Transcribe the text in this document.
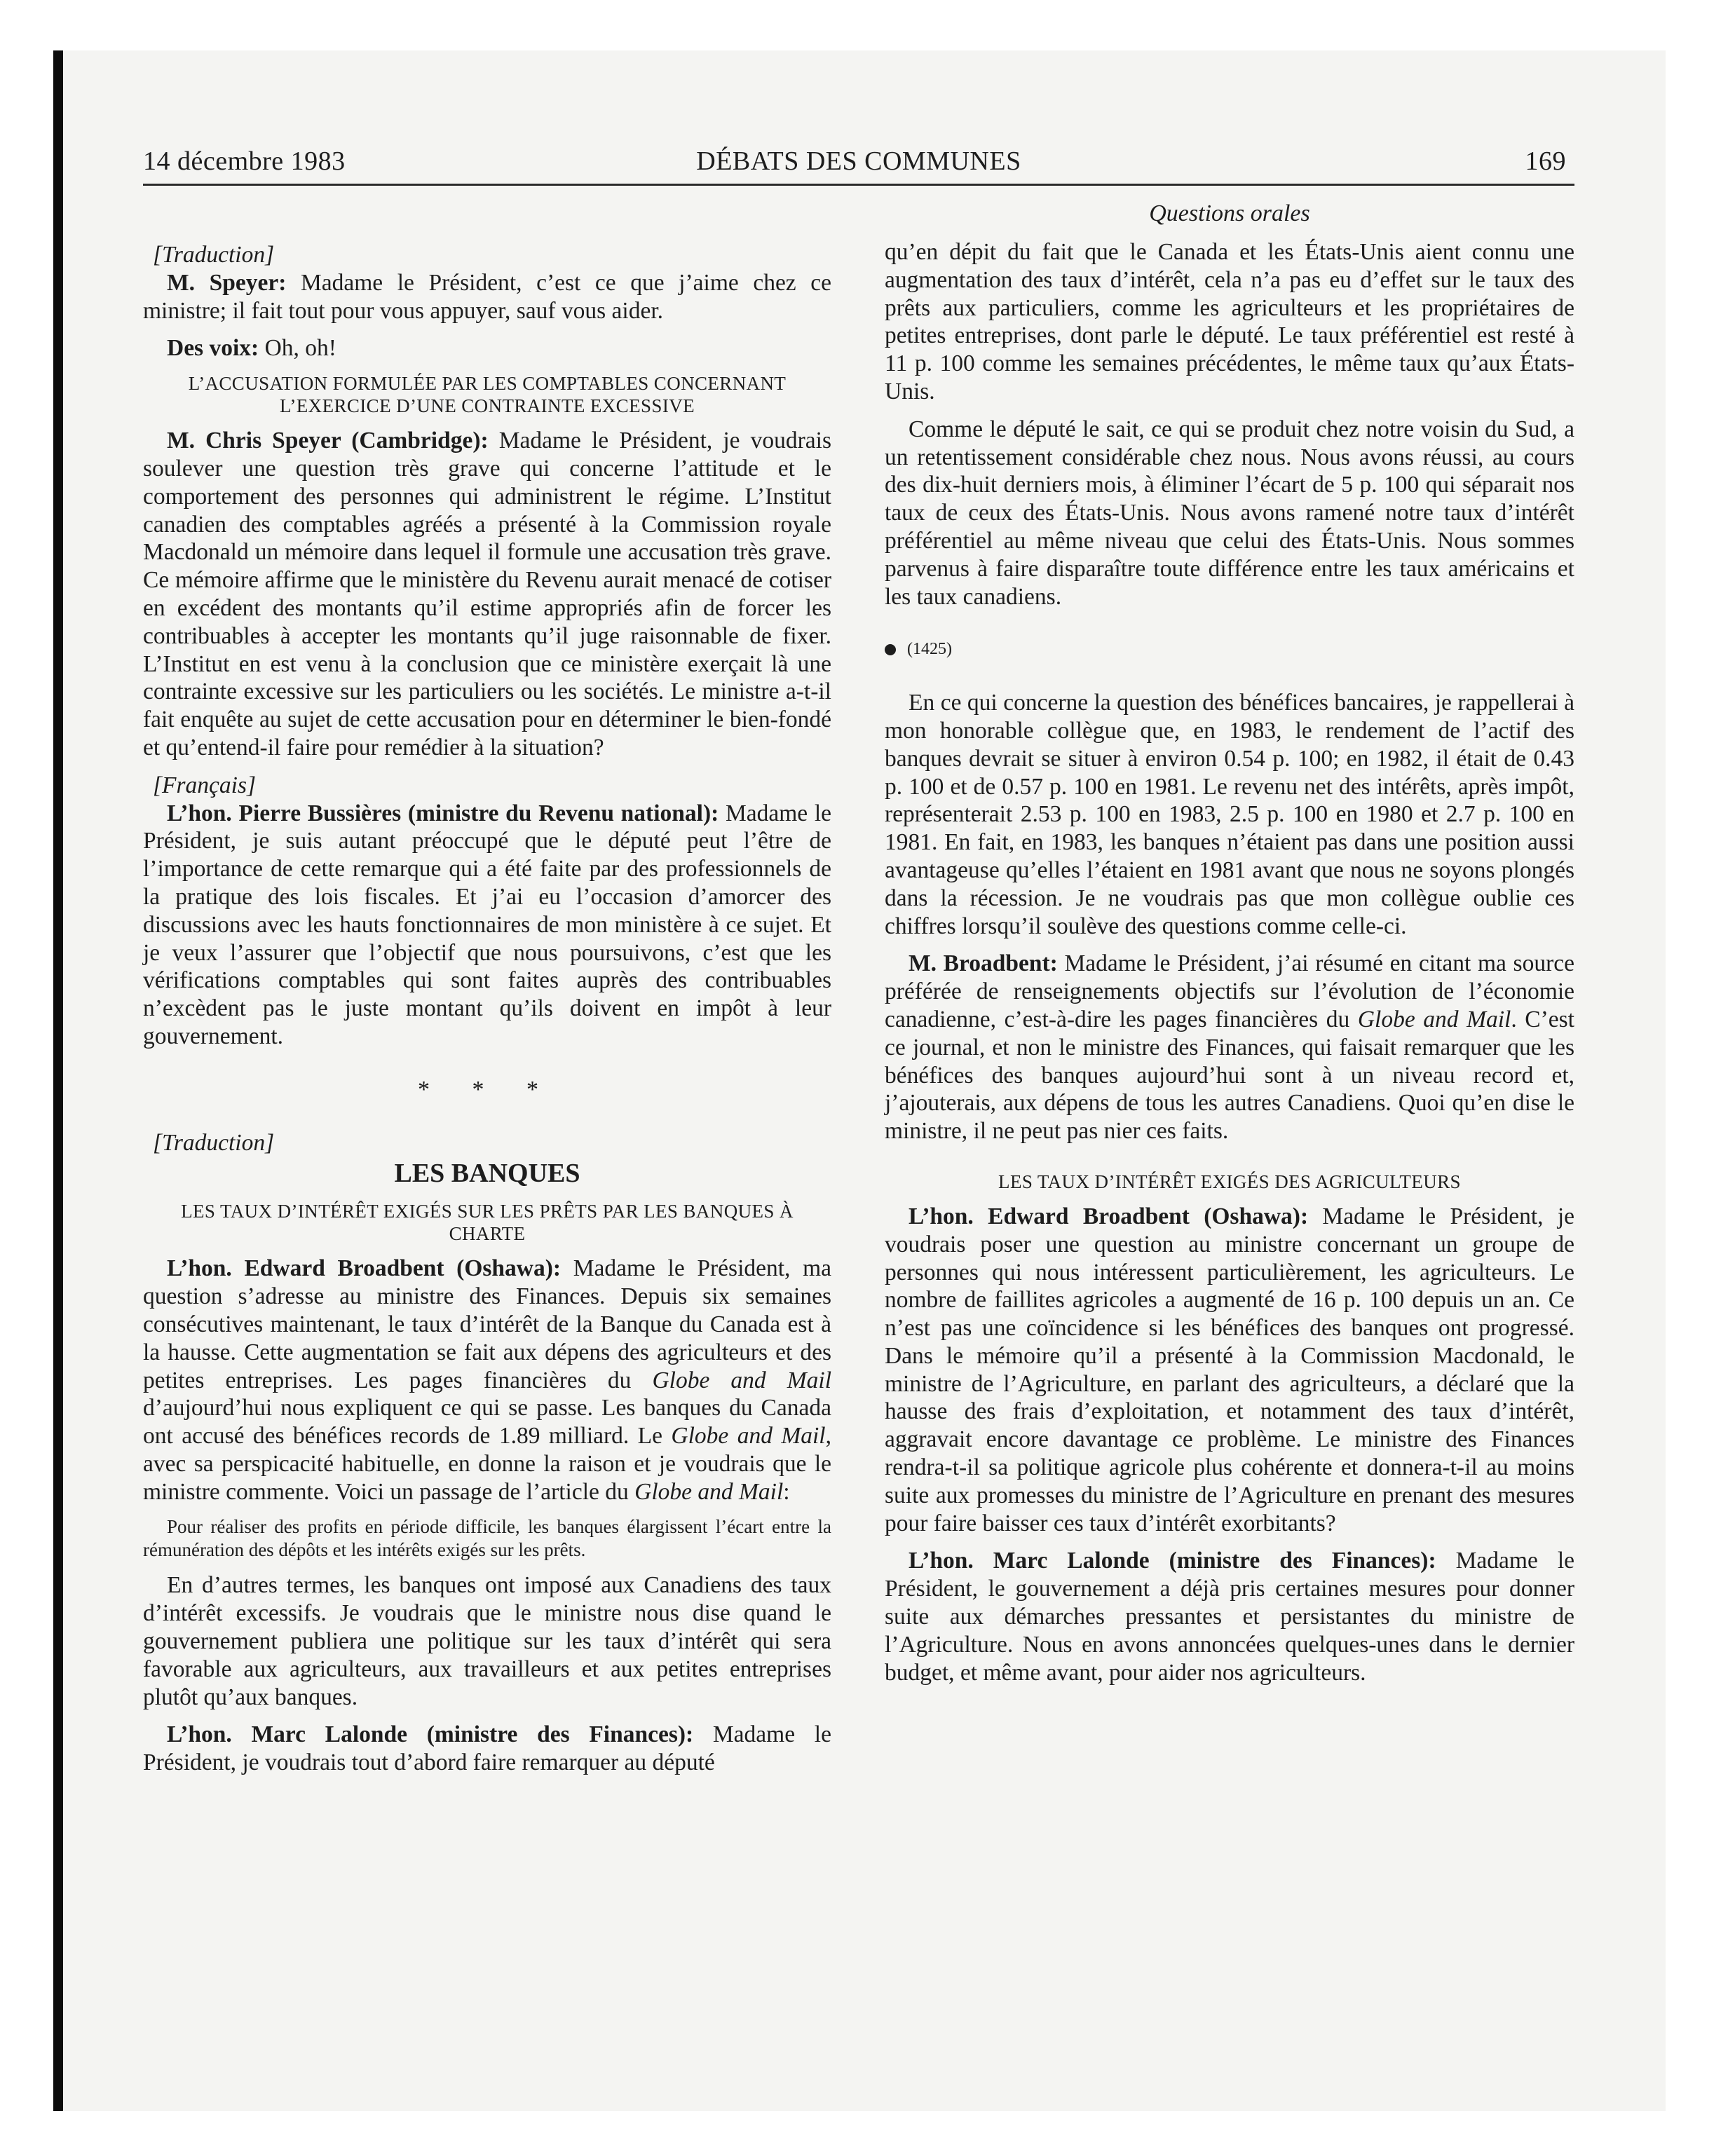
14 décembre 1983	DÉBATS DES COMMUNES	169
Questions orales

[Traduction]

M. Speyer: Madame le Président, c’est ce que j’aime chez ce ministre; il fait tout pour vous appuyer, sauf vous aider.

Des voix: Oh, oh!

L’ACCUSATION FORMULÉE PAR LES COMPTABLES CONCERNANT L’EXERCICE D’UNE CONTRAINTE EXCESSIVE

M. Chris Speyer (Cambridge): Madame le Président, je voudrais soulever une question très grave qui concerne l’attitude et le comportement des personnes qui administrent le régime. L’Institut canadien des comptables agréés a présenté à la Commission royale Macdonald un mémoire dans lequel il formule une accusation très grave. Ce mémoire affirme que le ministère du Revenu aurait menacé de cotiser en excédent des montants qu’il estime appropriés afin de forcer les contribuables à accepter les montants qu’il juge raisonnable de fixer. L’Institut en est venu à la conclusion que ce ministère exerçait là une contrainte excessive sur les particuliers ou les sociétés. Le ministre a-t-il fait enquête au sujet de cette accusation pour en déterminer le bien-fondé et qu’entend-il faire pour remédier à la situation?

[Français]

L’hon. Pierre Bussières (ministre du Revenu national): Madame le Président, je suis autant préoccupé que le député peut l’être de l’importance de cette remarque qui a été faite par des professionnels de la pratique des lois fiscales. Et j’ai eu l’occasion d’amorcer des discussions avec les hauts fonctionnaires de mon ministère à ce sujet. Et je veux l’assurer que l’objectif que nous poursuivons, c’est que les vérifications comptables qui sont faites auprès des contribuables n’excèdent pas le juste montant qu’ils doivent en impôt à leur gouvernement.

* * *

[Traduction]

LES BANQUES

LES TAUX D’INTÉRÊT EXIGÉS SUR LES PRÊTS PAR LES BANQUES À CHARTE

L’hon. Edward Broadbent (Oshawa): Madame le Président, ma question s’adresse au ministre des Finances. Depuis six semaines consécutives maintenant, le taux d’intérêt de la Banque du Canada est à la hausse. Cette augmentation se fait aux dépens des agriculteurs et des petites entreprises. Les pages financières du Globe and Mail d’aujourd’hui nous expliquent ce qui se passe. Les banques du Canada ont accusé des bénéfices records de 1.89 milliard. Le Globe and Mail, avec sa perspicacité habituelle, en donne la raison et je voudrais que le ministre commente. Voici un passage de l’article du Globe and Mail:

Pour réaliser des profits en période difficile, les banques élargissent l’écart entre la rémunération des dépôts et les intérêts exigés sur les prêts.

En d’autres termes, les banques ont imposé aux Canadiens des taux d’intérêt excessifs. Je voudrais que le ministre nous dise quand le gouvernement publiera une politique sur les taux d’intérêt qui sera favorable aux agriculteurs, aux travailleurs et aux petites entreprises plutôt qu’aux banques.

L’hon. Marc Lalonde (ministre des Finances): Madame le Président, je voudrais tout d’abord faire remarquer au député

qu’en dépit du fait que le Canada et les États-Unis aient connu une augmentation des taux d’intérêt, cela n’a pas eu d’effet sur le taux des prêts aux particuliers, comme les agriculteurs et les propriétaires de petites entreprises, dont parle le député. Le taux préférentiel est resté à 11 p. 100 comme les semaines précédentes, le même taux qu’aux États-Unis.

Comme le député le sait, ce qui se produit chez notre voisin du Sud, a un retentissement considérable chez nous. Nous avons réussi, au cours des dix-huit derniers mois, à éliminer l’écart de 5 p. 100 qui séparait nos taux de ceux des États-Unis. Nous avons ramené notre taux d’intérêt préférentiel au même niveau que celui des États-Unis. Nous sommes parvenus à faire disparaître toute différence entre les taux américains et les taux canadiens.

(1425)

En ce qui concerne la question des bénéfices bancaires, je rappellerai à mon honorable collègue que, en 1983, le rendement de l’actif des banques devrait se situer à environ 0.54 p. 100; en 1982, il était de 0.43 p. 100 et de 0.57 p. 100 en 1981. Le revenu net des intérêts, après impôt, représenterait 2.53 p. 100 en 1983, 2.5 p. 100 en 1980 et 2.7 p. 100 en 1981. En fait, en 1983, les banques n’étaient pas dans une position aussi avantageuse qu’elles l’étaient en 1981 avant que nous ne soyons plongés dans la récession. Je ne voudrais pas que mon collègue oublie ces chiffres lorsqu’il soulève des questions comme celle-ci.

M. Broadbent: Madame le Président, j’ai résumé en citant ma source préférée de renseignements objectifs sur l’évolution de l’économie canadienne, c’est-à-dire les pages financières du Globe and Mail. C’est ce journal, et non le ministre des Finances, qui faisait remarquer que les bénéfices des banques aujourd’hui sont à un niveau record et, j’ajouterais, aux dépens de tous les autres Canadiens. Quoi qu’en dise le ministre, il ne peut pas nier ces faits.

LES TAUX D’INTÉRÊT EXIGÉS DES AGRICULTEURS

L’hon. Edward Broadbent (Oshawa): Madame le Président, je voudrais poser une question au ministre concernant un groupe de personnes qui nous intéressent particulièrement, les agriculteurs. Le nombre de faillites agricoles a augmenté de 16 p. 100 depuis un an. Ce n’est pas une coïncidence si les bénéfices des banques ont progressé. Dans le mémoire qu’il a présenté à la Commission Macdonald, le ministre de l’Agriculture, en parlant des agriculteurs, a déclaré que la hausse des frais d’exploitation, et notamment des taux d’intérêt, aggravait encore davantage ce problème. Le ministre des Finances rendra-t-il sa politique agricole plus cohérente et donnera-t-il au moins suite aux promesses du ministre de l’Agriculture en prenant des mesures pour faire baisser ces taux d’intérêt exorbitants?

L’hon. Marc Lalonde (ministre des Finances): Madame le Président, le gouvernement a déjà pris certaines mesures pour donner suite aux démarches pressantes et persistantes du ministre de l’Agriculture. Nous en avons annoncées quelques-unes dans le dernier budget, et même avant, pour aider nos agriculteurs.
